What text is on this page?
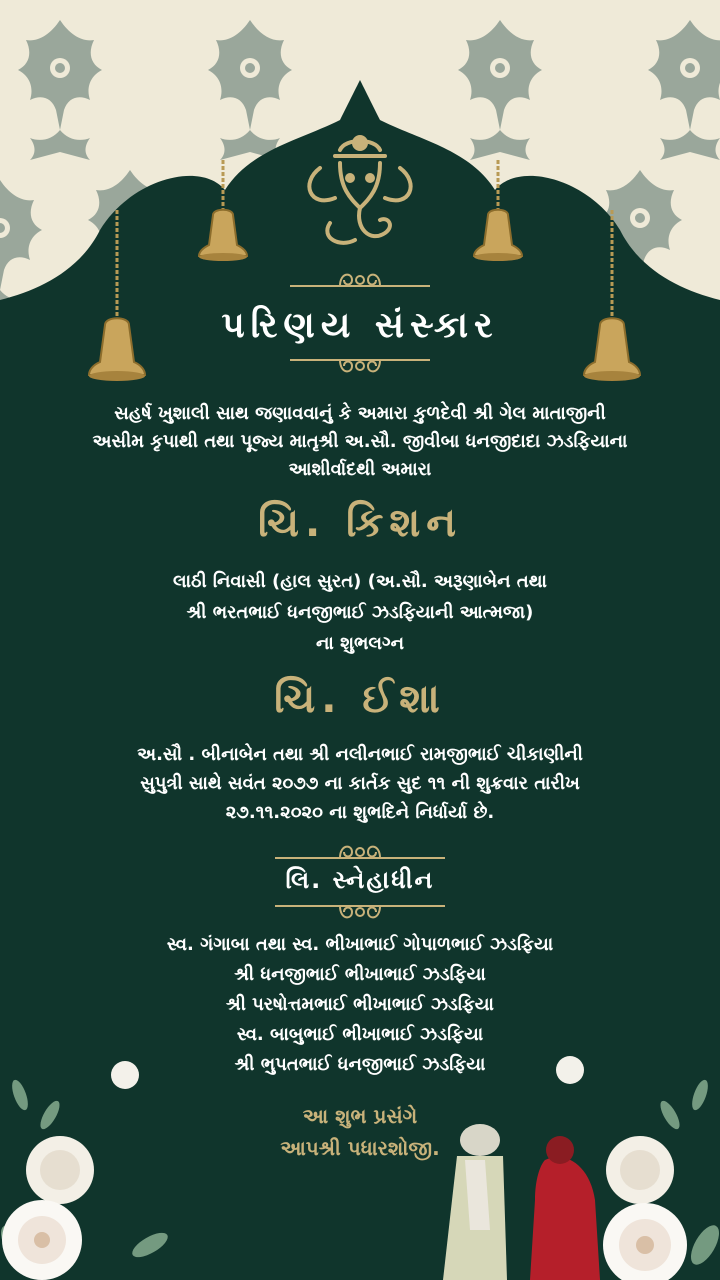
પરિણય સંસ્કાર
સહર્ષ ખુશાલી સાથ જણાવવાનું કે અમારા કુળદેવી શ્રી ગેલ માતાજીની
અસીમ કૃપાથી તથા પૂજ્ય માતૃશ્રી અ.સૌ. જીવીબા ધનજીદાદા ઝડફિયાના
આશીર્વાદથી અમારા
ચિ. કિશન
લાઠી નિવાસી (હાલ સુરત) (અ.સૌ. અરૂણાબેન તથા
શ્રી ભરતભાઈ ધનજીભાઈ ઝડફિયાની આત્મજા)
ના શુભલગ્ન
ચિ. ઈશા
અ.સૌ . બીનાબેન તથા શ્રી નલીનભાઈ રામજીભાઈ ચીકાણીની
સુપુત્રી સાથે સવંત ૨૦૭૭ ના કાર્તક સુદ ૧૧ ની શુક્રવાર તારીખ
૨૭.૧૧.૨૦૨૦ ના શુભદિને નિર્ધાર્યા છે.
લિ. સ્નેહાધીન
સ્વ. ગંગાબા તથા સ્વ. ભીખાભાઈ ગોપાળભાઈ ઝડફિયા
શ્રી ધનજીભાઈ ભીખાભાઈ ઝડફિયા
શ્રી પરષોત્તમભાઈ ભીખાભાઈ ઝડફિયા
સ્વ. બાબુભાઈ ભીખાભાઈ ઝડફિયા
શ્રી ભુપતભાઈ ધનજીભાઈ ઝડફિયા
આ શુભ પ્રસંગે
આપશ્રી પધારશોજી.
